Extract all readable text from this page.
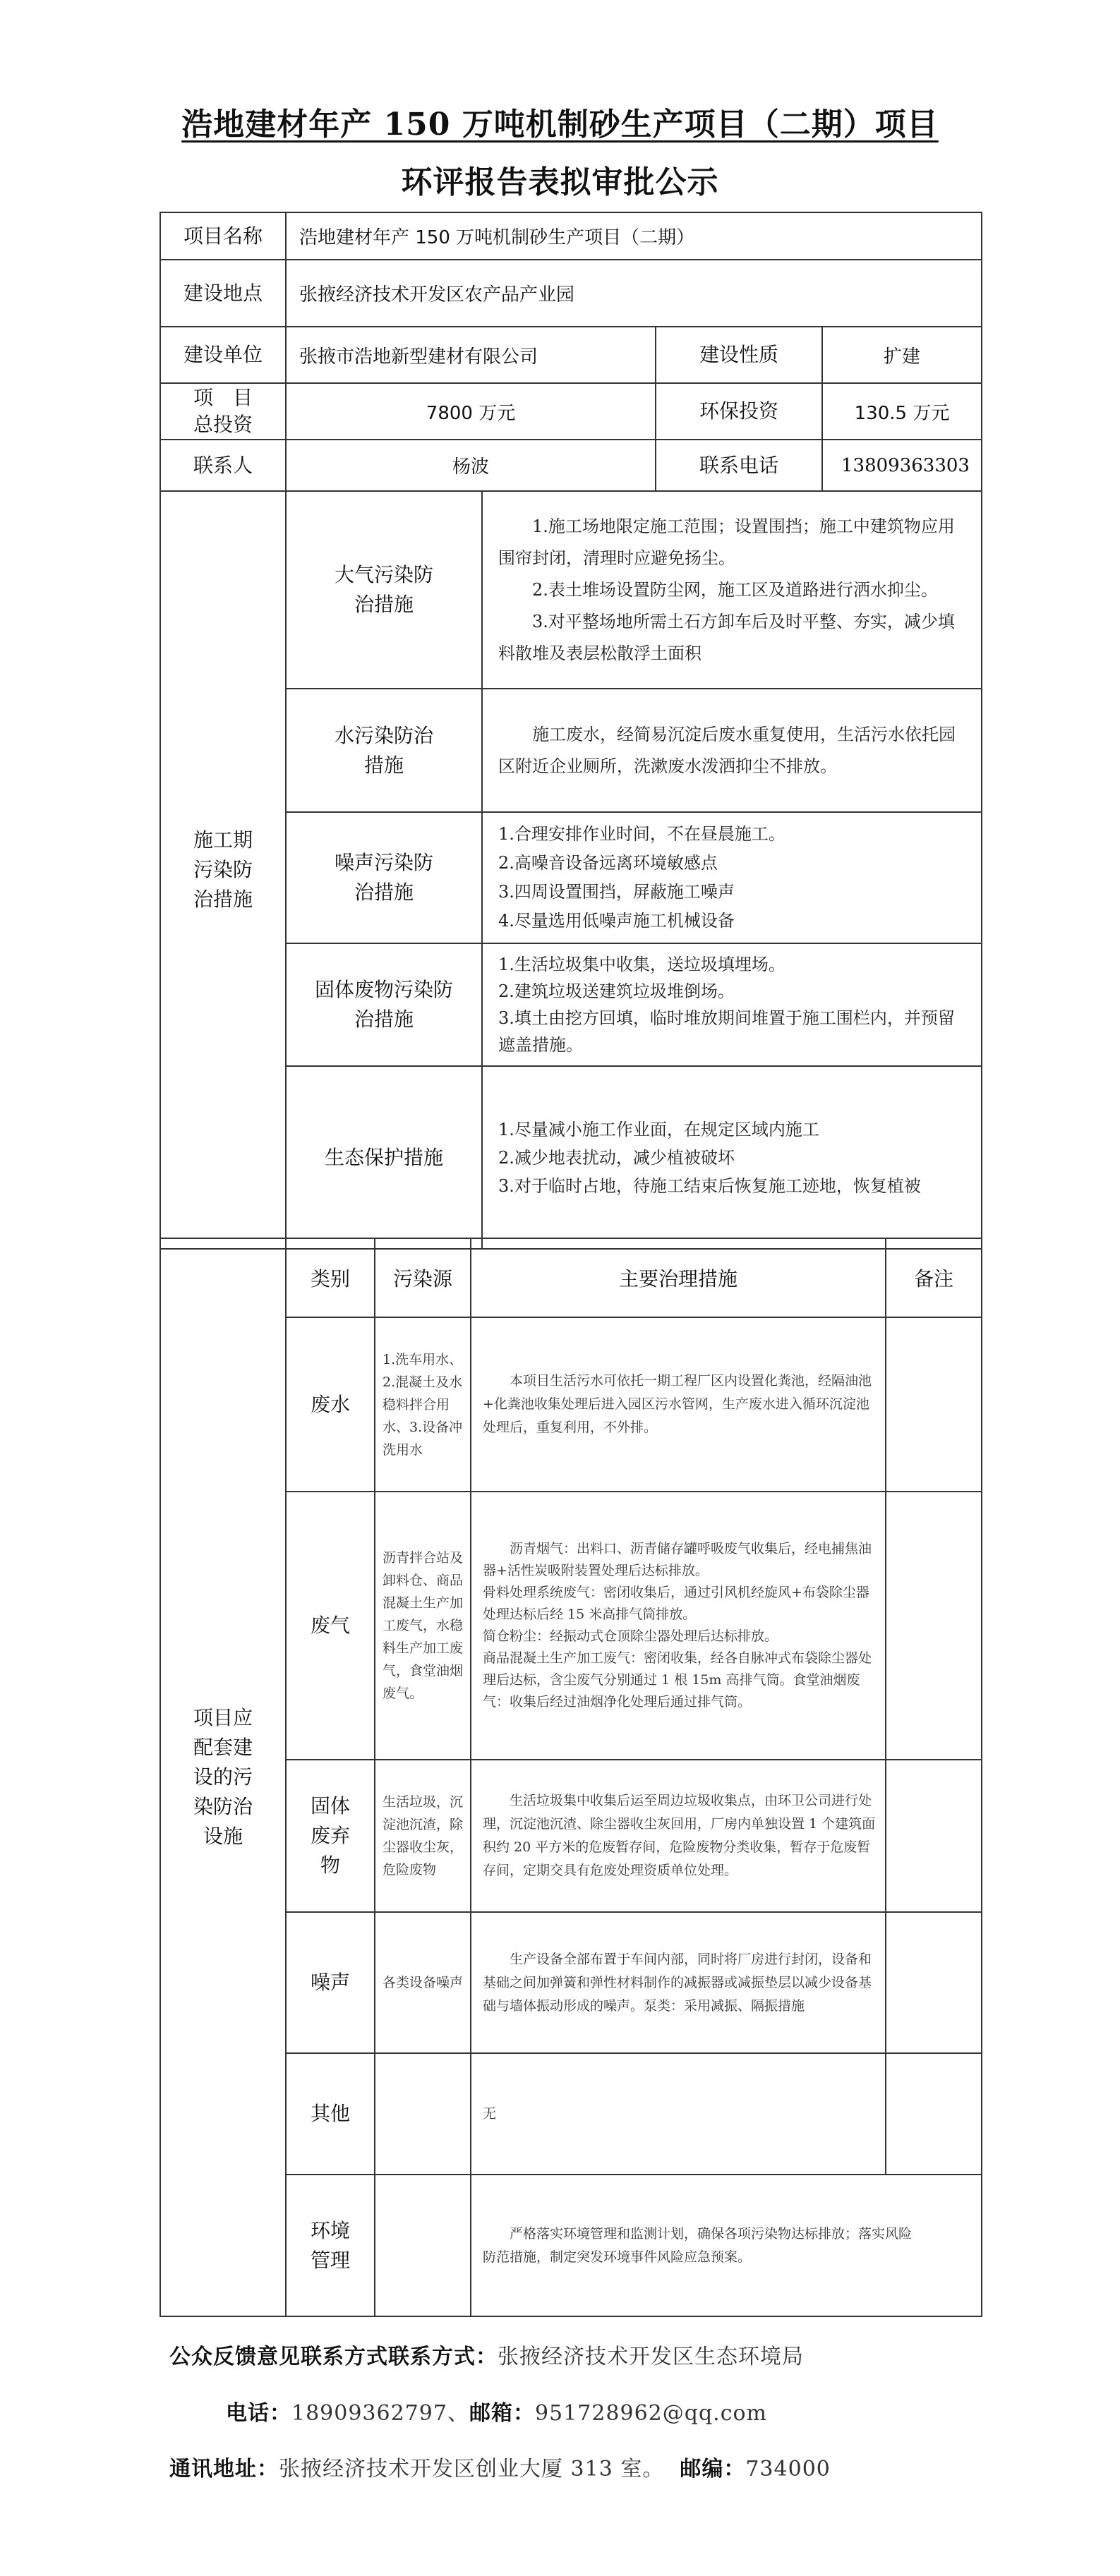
浩地建材年产 150 万吨机制砂生产项目（二期）项目
环评报告表拟审批公示
项目名称	浩地建材年产 150 万吨机制砂生产项目（二期）			
建设地点	张掖经济技术开发区农产品产业园			
建设单位	张掖市浩地新型建材有限公司		建设性质	扩建

项　目
总投资	7800 万元		环保投资	130.5 万元
联系人	杨波		联系电话	13809363303

施工期污染防治措施	大气污染防治措施	1.施工场地限定施工范围；设置围挡；施工中建筑物应用围帘封闭，清理时应避免扬尘。

2.表土堆场设置防尘网，施工区及道路进行洒水抑尘。

3.对平整场地所需土石方卸车后及时平整、夯实，减少填料散堆及表层松散浮土面积		

	水污染防治措施	施工废水，经简易沉淀后废水重复使用，生活污水依托园区附近企业厕所，洗漱废水泼洒抑尘不排放。		

	噪声污染防治措施	1.合理安排作业时间，不在昼晨施工。

2.高噪音设备远离环境敏感点

3.四周设置围挡，屏蔽施工噪声

4.尽量选用低噪声施工机械设备		

	固体废物污染防治措施	1.生活垃圾集中收集，送垃圾填埋场。

2.建筑垃圾送建筑垃圾堆倒场。

3.填土由挖方回填，临时堆放期间堆置于施工围栏内，并预留遮盖措施。		

	生态保护措施	1.尽量减小施工作业面，在规定区域内施工

2.减少地表扰动，减少植被破坏

3.对于临时占地，待施工结束后恢复施工迹地，恢复植被		

项目应配套建设的污染防治设施	类别	污染源	主要治理措施	备注
	废水	1.洗车用水、2.混凝土及水稳料拌合用水、3.设备冲洗用水	本项目生活污水可依托一期工程厂区内设置化粪池，经隔油池+化粪池收集处理后进入园区污水管网，生产废水进入循环沉淀池处理后，重复利用，不外排。	

	废气	沥青拌合站及卸料仓、商品混凝土生产加工废气，水稳料生产加工废气，食堂油烟废气。	沥青烟气：出料口、沥青储存罐呼吸废气收集后，经电捕焦油器+活性炭吸附装置处理后达标排放。

骨料处理系统废气：密闭收集后，通过引风机经旋风+布袋除尘器处理达标后经 15 米高排气筒排放。

简仓粉尘：经振动式仓顶除尘器处理后达标排放。

商品混凝土生产加工废气：密闭收集，经各自脉冲式布袋除尘器处理后达标，含尘废气分别通过 1 根 15m 高排气筒。食堂油烟废气：收集后经过油烟净化处理后通过排气筒。	

	固体废弃物	生活垃圾，沉淀池沉渣，除尘器收尘灰，危险废物	生活垃圾集中收集后运至周边垃圾收集点，由环卫公司进行处理，沉淀池沉渣、除尘器收尘灰回用，厂房内单独设置 1 个建筑面积约 20 平方米的危废暂存间，危险废物分类收集，暂存于危废暂存间，定期交具有危废处理资质单位处理。	

	噪声	各类设备噪声	生产设备全部布置于车间内部，同时将厂房进行封闭，设备和基础之间加弹簧和弹性材料制作的减振器或减振垫层以减少设备基础与墙体振动形成的噪声。泵类：采用减振、隔振措施	

	其他		无	

	环境管理		严格落实环境管理和监测计划，确保各项污染物达标排放；落实风险防范措施，制定突发环境事件风险应急预案。	

公众反馈意见联系方式联系方式：张掖经济技术开发区生态环境局
电话：18909362797、邮箱：951728962@qq.com
通讯地址：张掖经济技术开发区创业大厦 313 室。 邮编：734000
